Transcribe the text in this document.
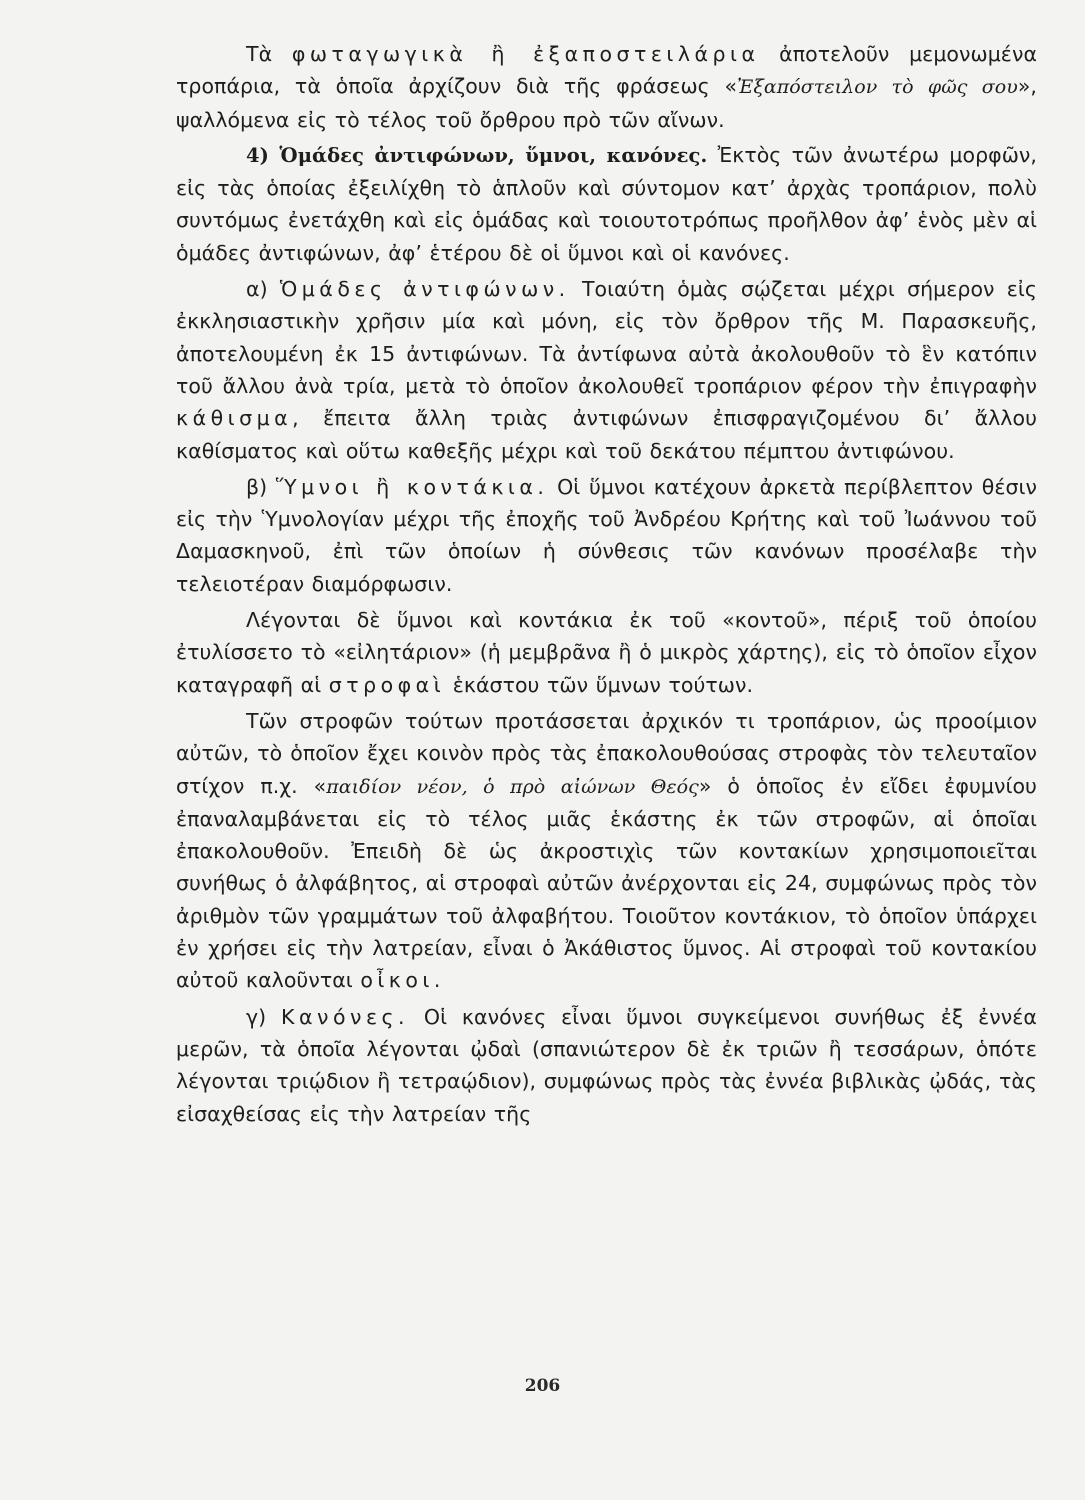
Τὰ φωταγωγικὰ ἢ ἐξαποστειλάρια ἀποτελοῦν μεμονωμένα τροπάρια, τὰ ὁποῖα ἀρχίζουν διὰ τῆς φράσεως «Ἐξαπόστειλον τὸ φῶς σου», ψαλλόμενα εἰς τὸ τέλος τοῦ ὄρθρου πρὸ τῶν αἴνων.

4) Ὁμάδες ἀντιφώνων, ὕμνοι, κανόνες. Ἐκτὸς τῶν ἀνωτέρω μορφῶν, εἰς τὰς ὁποίας ἐξειλίχθη τὸ ἁπλοῦν καὶ σύντομον κατ’ ἀρχὰς τροπάριον, πολὺ συντόμως ἐνετάχθη καὶ εἰς ὁμάδας καὶ τοιουτοτρόπως προῆλθον ἀφ’ ἑνὸς μὲν αἱ ὁμάδες ἀντιφώνων, ἀφ’ ἑτέρου δὲ οἱ ὕμνοι καὶ οἱ κανόνες.

α) Ὁμάδες ἀντιφώνων. Τοιαύτη ὁμὰς σῴζεται μέχρι σήμερον εἰς ἐκκλησιαστικὴν χρῆσιν μία καὶ μόνη, εἰς τὸν ὄρθρον τῆς Μ. Παρασκευῆς, ἀποτελουμένη ἐκ 15 ἀντιφώνων. Τὰ ἀντίφωνα αὐτὰ ἀκολουθοῦν τὸ ἓν κατόπιν τοῦ ἄλλου ἀνὰ τρία, μετὰ τὸ ὁποῖον ἀκολουθεῖ τροπάριον φέρον τὴν ἐπιγραφὴν κάθισμα, ἔπειτα ἄλλη τριὰς ἀντιφώνων ἐπισφραγιζομένου δι’ ἄλλου καθίσματος καὶ οὕτω καθεξῆς μέχρι καὶ τοῦ δεκάτου πέμπτου ἀντιφώνου.

β) Ὕμνοι ἢ κοντάκια. Οἱ ὕμνοι κατέχουν ἀρκετὰ περίβλεπτον θέσιν εἰς τὴν Ὑμνολογίαν μέχρι τῆς ἐποχῆς τοῦ Ἀνδρέου Κρήτης καὶ τοῦ Ἰωάννου τοῦ Δαμασκηνοῦ, ἐπὶ τῶν ὁποίων ἡ σύνθεσις τῶν κανόνων προσέλαβε τὴν τελειοτέραν διαμόρφωσιν.

Λέγονται δὲ ὕμνοι καὶ κοντάκια ἐκ τοῦ «κοντοῦ», πέριξ τοῦ ὁποίου ἐτυλίσσετο τὸ «εἰλητάριον» (ἡ μεμβρᾶνα ἢ ὁ μικρὸς χάρτης), εἰς τὸ ὁποῖον εἶχον καταγραφῆ αἱ στροφαὶ ἑκάστου τῶν ὕμνων τούτων.

Τῶν στροφῶν τούτων προτάσσεται ἀρχικόν τι τροπάριον, ὡς προοίμιον αὐτῶν, τὸ ὁποῖον ἔχει κοινὸν πρὸς τὰς ἐπακολουθούσας στροφὰς τὸν τελευταῖον στίχον π.χ. «παιδίον νέον, ὁ πρὸ αἰώνων Θεός» ὁ ὁποῖος ἐν εἴδει ἐφυμνίου ἐπαναλαμβάνεται εἰς τὸ τέλος μιᾶς ἑκάστης ἐκ τῶν στροφῶν, αἱ ὁποῖαι ἐπακολουθοῦν. Ἐπειδὴ δὲ ὡς ἀκροστιχὶς τῶν κοντακίων χρησιμοποιεῖται συνήθως ὁ ἀλφάβητος, αἱ στροφαὶ αὐτῶν ἀνέρχονται εἰς 24, συμφώνως πρὸς τὸν ἀριθμὸν τῶν γραμμάτων τοῦ ἀλφαβήτου. Τοιοῦτον κοντάκιον, τὸ ὁποῖον ὑπάρχει ἐν χρήσει εἰς τὴν λατρείαν, εἶναι ὁ Ἀκάθιστος ὕμνος. Αἱ στροφαὶ τοῦ κοντακίου αὐτοῦ καλοῦνται οἶκοι.

γ) Κανόνες. Οἱ κανόνες εἶναι ὕμνοι συγκείμενοι συνήθως ἐξ ἐννέα μερῶν, τὰ ὁποῖα λέγονται ᾠδαὶ (σπανιώτερον δὲ ἐκ τριῶν ἢ τεσσάρων, ὁπότε λέγονται τριῴδιον ἢ τετραῴδιον), συμφώνως πρὸς τὰς ἐννέα βιβλικὰς ᾠδάς, τὰς εἰσαχθείσας εἰς τὴν λατρείαν τῆς

206
